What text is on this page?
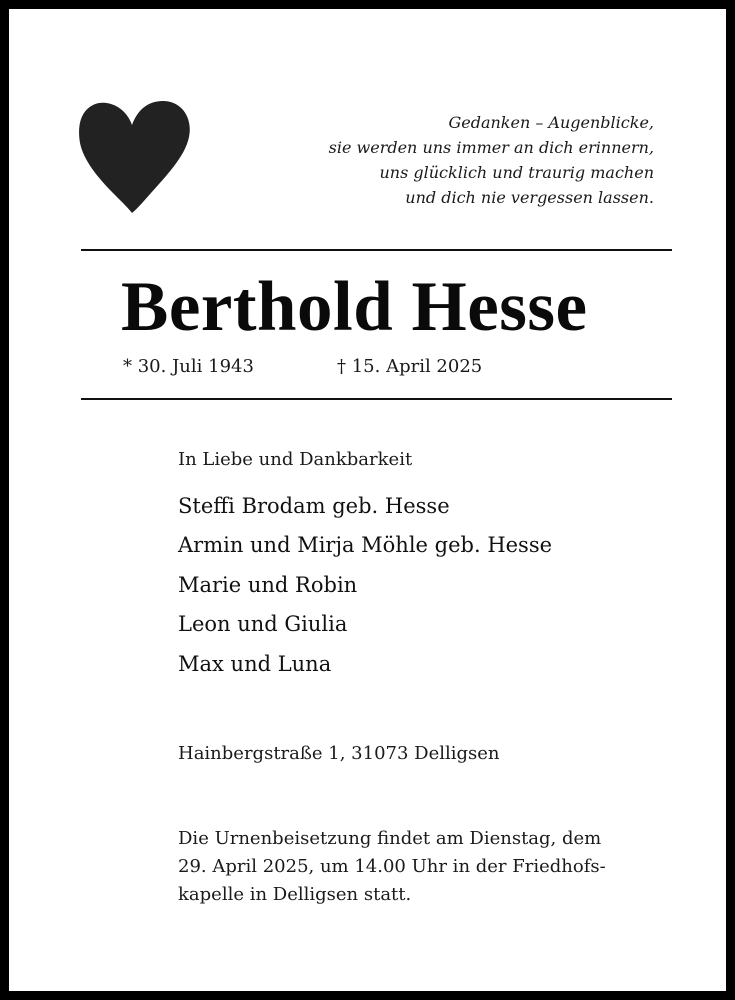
Gedanken – Augenblicke,
sie werden uns immer an dich erinnern,
uns glücklich und traurig machen
und dich nie vergessen lassen.
Berthold Hesse
* 30. Juli 1943	† 15. April 2025
In Liebe und Dankbarkeit
Steffi Brodam geb. Hesse
Armin und Mirja Möhle geb. Hesse
Marie und Robin
Leon und Giulia
Max und Luna
Hainbergstraße 1, 31073 Delligsen
Die Urnenbeisetzung findet am Dienstag, dem
29. April 2025, um 14.00 Uhr in der Friedhofs-
kapelle in Delligsen statt.
